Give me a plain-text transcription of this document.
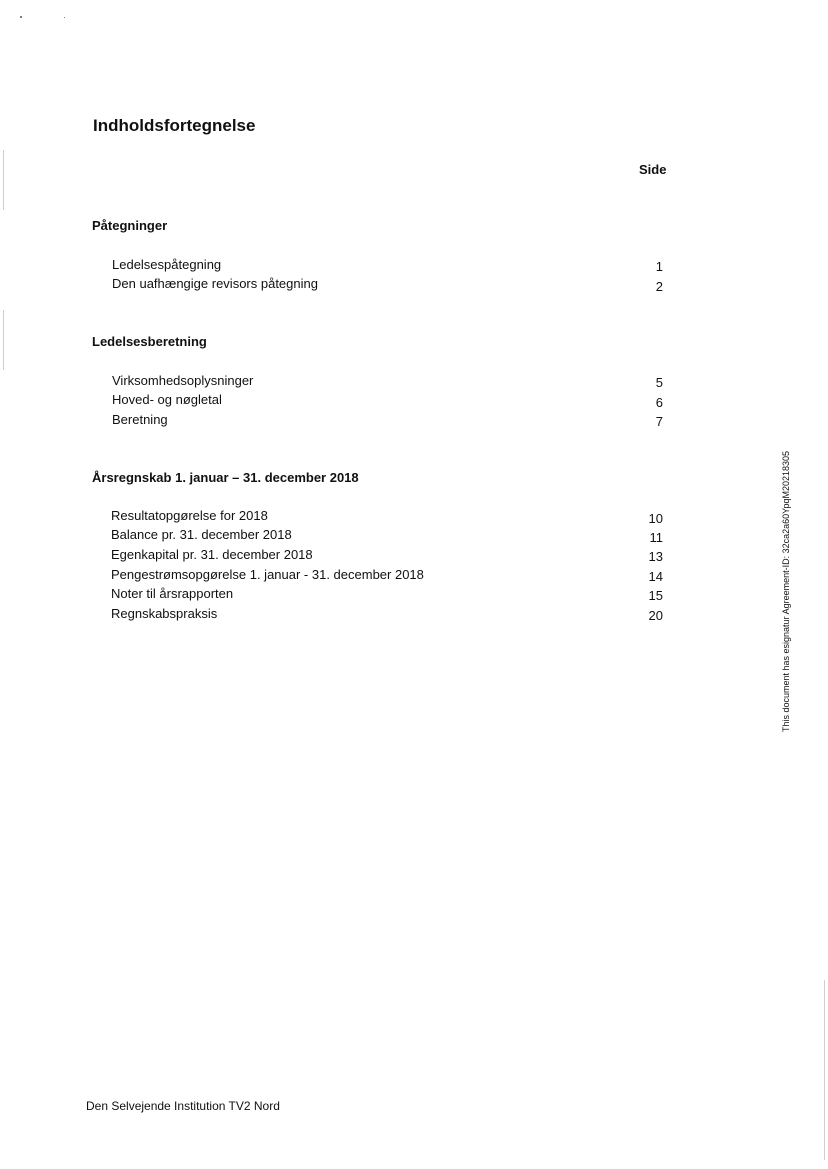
Indholdsfortegnelse
Side
Påtegninger
Ledelsespåtegning	1
Den uafhængige revisors påtegning	2
Ledelsesberetning
Virksomhedsoplysninger	5
Hoved- og nøgletal	6
Beretning	7
Årsregnskab 1. januar – 31. december 2018
Resultatopgørelse for 2018	10
Balance pr. 31. december 2018	11
Egenkapital pr. 31. december 2018	13
Pengestrømsopgørelse 1. januar - 31. december 2018	14
Noter til årsrapporten	15
Regnskabspraksis	20	This document has esignatur Agreement-ID: 32ca2a60YpqM20218305
Den Selvejende Institution TV2 Nord
